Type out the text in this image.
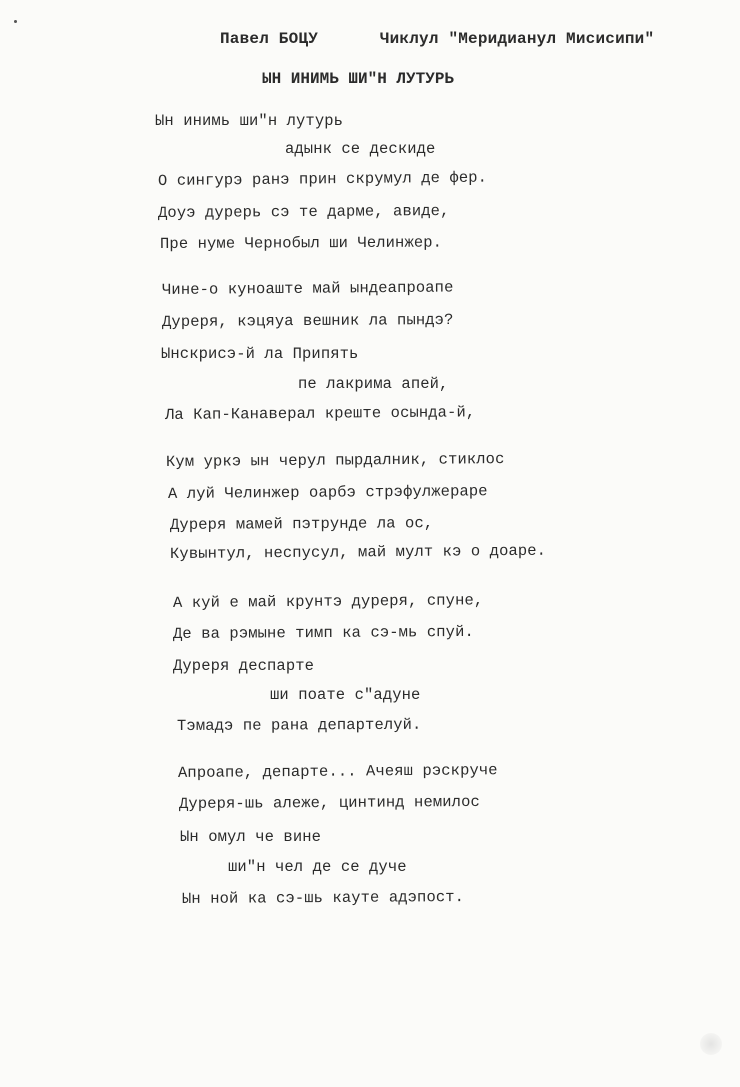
Павел БОЦУ	Чиклул "Меридианул Мисисипи"
ЫН ИНИМЬ ШИ"Н ЛУТУРЬ
Ын инимь ши"н лутурь
адынк се дескиде
О сингурэ ранэ прин скрумул де фер.
Доуэ дурерь сэ те дарме, авиде,
Пре нуме Чернобыл ши Челинжер.
Чине-о куноаште май ындеапроапе
Дуреря, кэцяуа вешник ла пындэ?
Ынскрисэ-й ла Припять
пе лакрима апей,
Ла Кап-Канаверал креште осындa-й,
Кум уркэ ын черул пырдалник, стиклос
А луй Челинжер оарбэ стрэфулжераре
Дуреря мамей пэтрунде ла ос,
Кувынтул, неспусул, май мулт кэ о доаре.
А куй е май крунтэ дуреря, спуне,
Де ва рэмыне тимп ка сэ-мь спуй.
Дуреря деспарте
ши поате с"адуне
Тэмадэ пе рана департелуй.
Апроапе, департе... Ачеяш рэскруче
Дуреря-шь алеже, цинтинд немилос
Ын омул че вине
ши"н чел де се дуче
Ын ной ка сэ-шь кауте адэпост.
